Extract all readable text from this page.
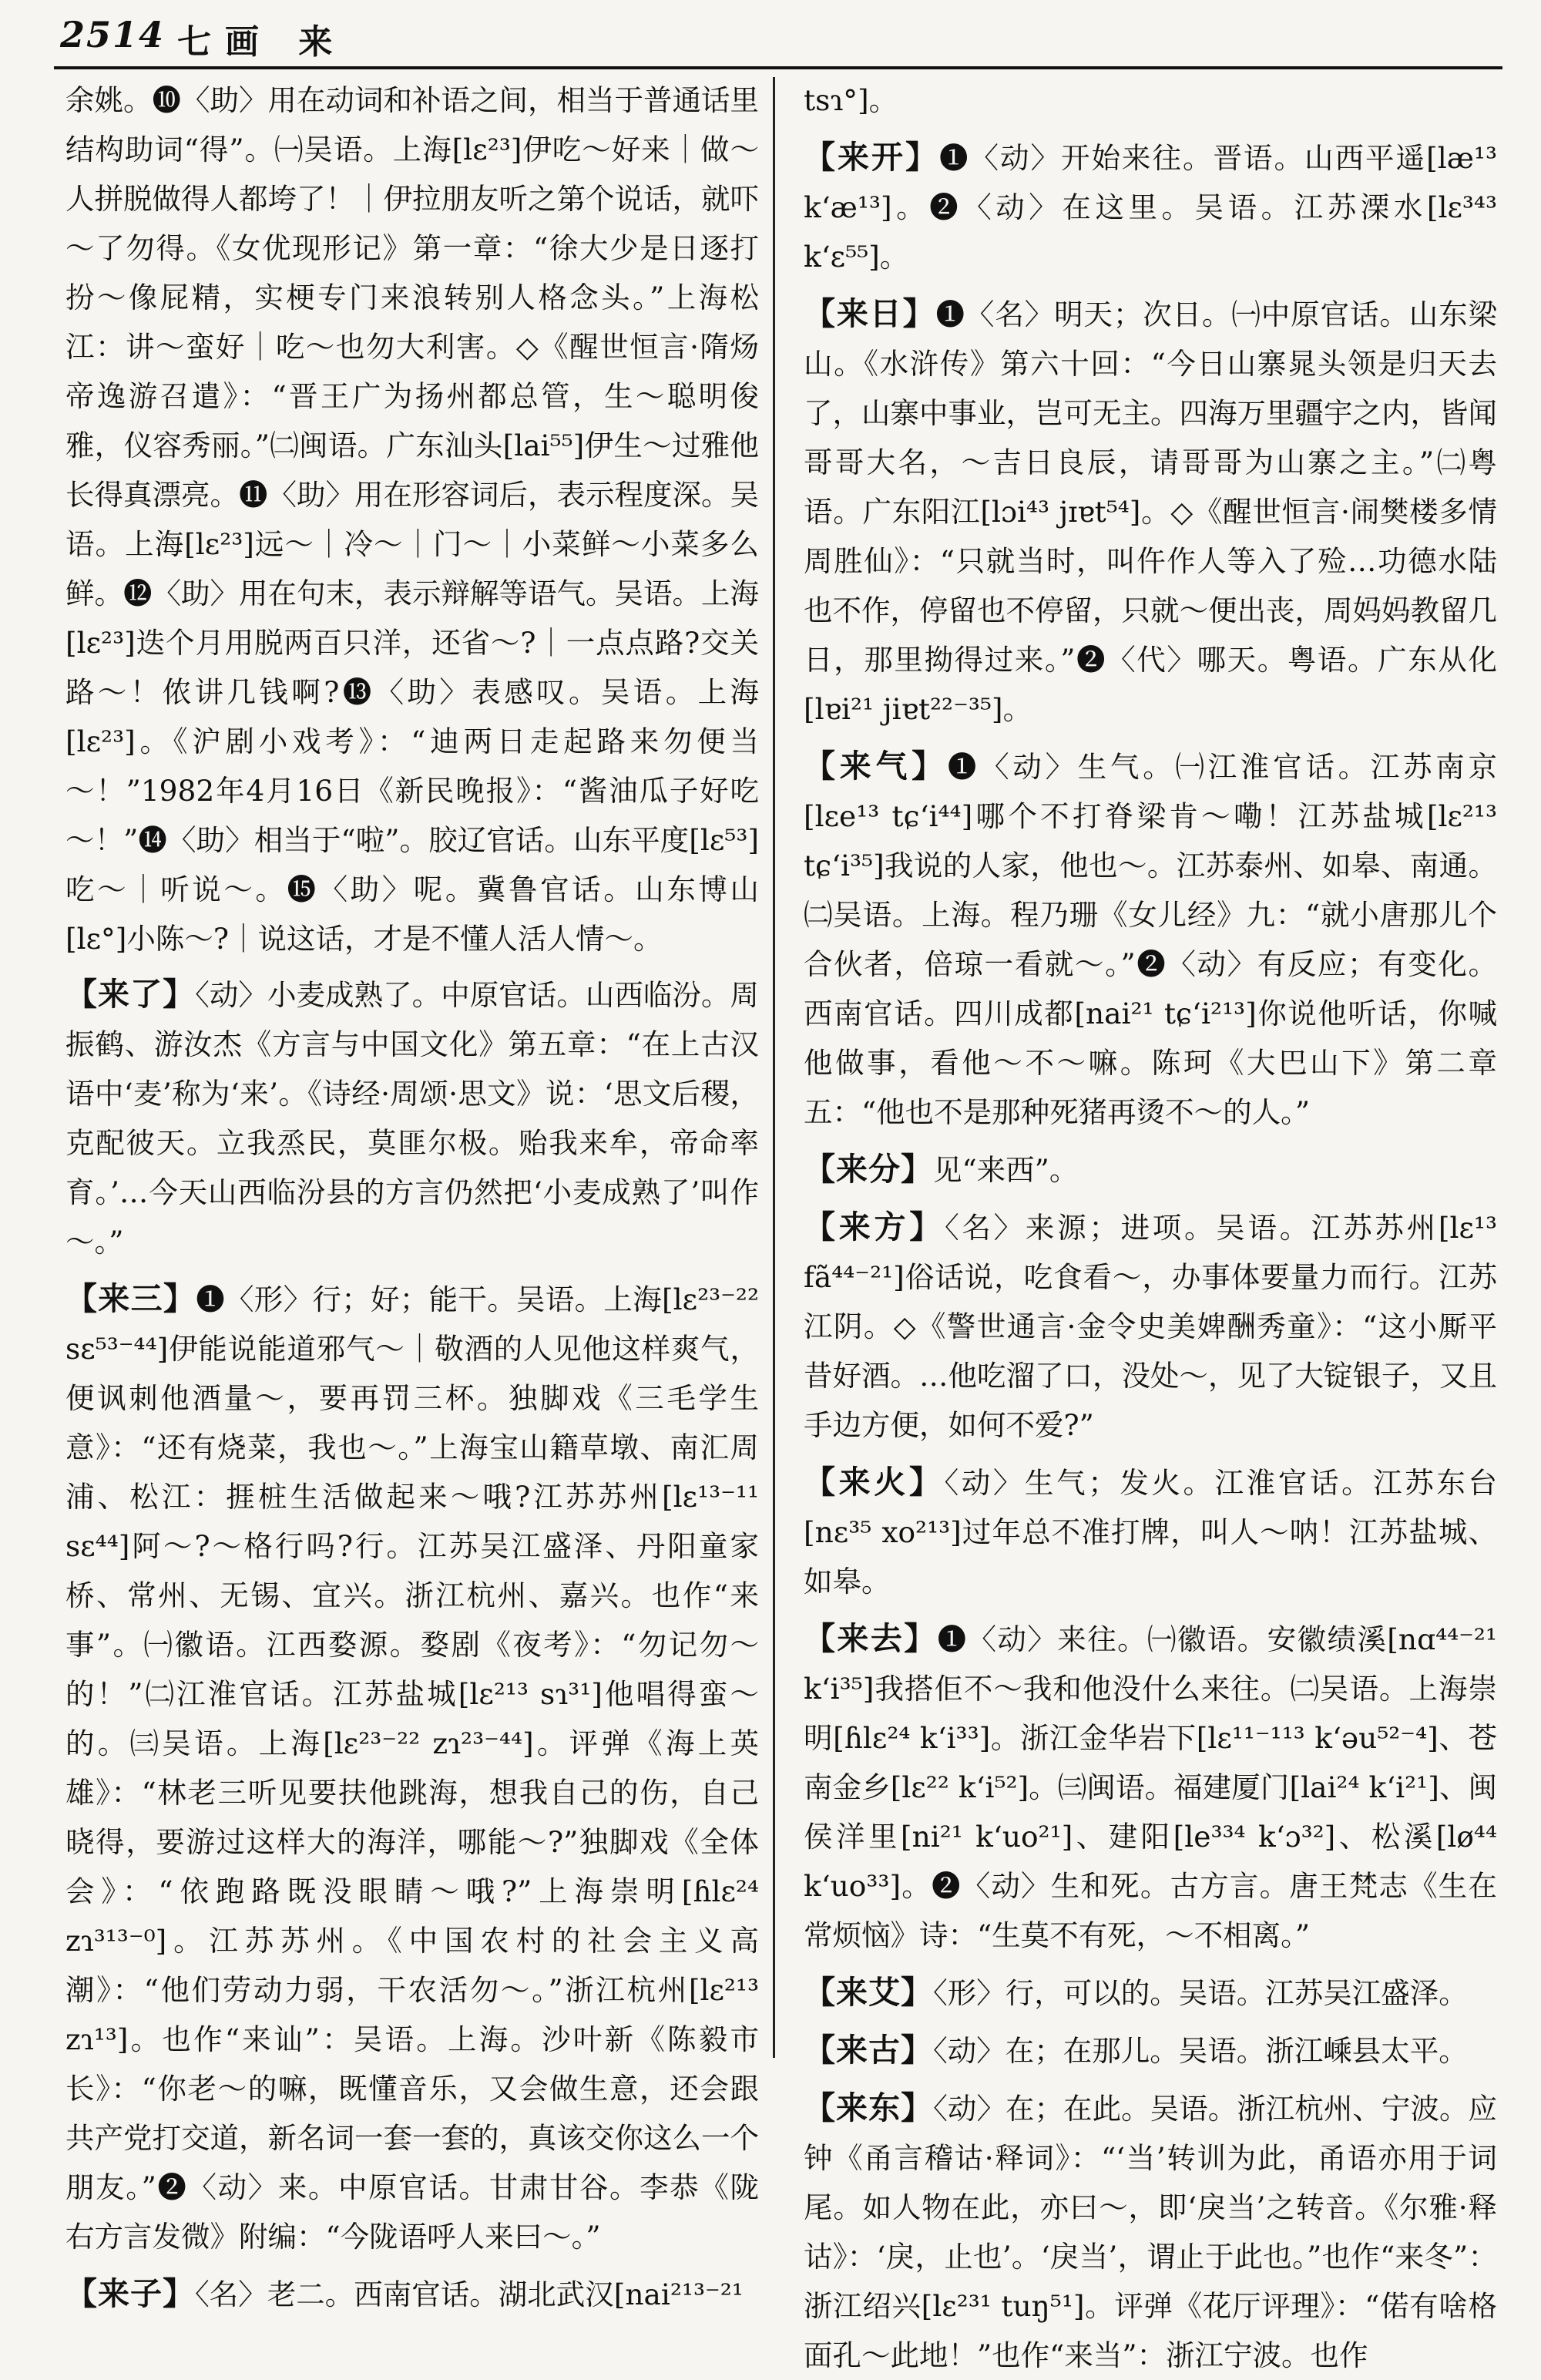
2514 七画 来
余姚。❿〈助〉用在动词和补语之间，相当于普通话里结构助词“得”。㈠吴语。上海[lɛ²³]伊吃～好来｜做～人拼脱做得人都垮了！｜伊拉朋友听之第个说话，就吓～了勿得。《女优现形记》第一章：“徐大少是日逐打扮～像屁精，实梗专门来浪转别人格念头。”上海松江：讲～蛮好｜吃～也勿大利害。◇《醒世恒言·隋炀帝逸游召遣》：“晋王广为扬州都总管，生～聪明俊雅，仪容秀丽。”㈡闽语。广东汕头[lai⁵⁵]伊生～过雅他长得真漂亮。⓫〈助〉用在形容词后，表示程度深。吴语。上海[lɛ²³]远～｜冷～｜门～｜小菜鲜～小菜多么鲜。⓬〈助〉用在句末，表示辩解等语气。吴语。上海[lɛ²³]迭个月用脱两百只洋，还省～?｜一点点路?交关路～！侬讲几钱啊?⓭〈助〉表感叹。吴语。上海[lɛ²³]。《沪剧小戏考》：“迪两日走起路来勿便当～！”1982年4月16日《新民晚报》：“酱油瓜子好吃～！”⓮〈助〉相当于“啦”。胶辽官话。山东平度[lɛ⁵³]吃～｜听说～。⓯〈助〉呢。冀鲁官话。山东博山[lɛ°]小陈～?｜说这话，才是不懂人活人情～。
【来了】〈动〉小麦成熟了。中原官话。山西临汾。周振鹤、游汝杰《方言与中国文化》第五章：“在上古汉语中‘麦’称为‘来’。《诗经·周颂·思文》说：‘思文后稷，克配彼天。立我烝民，莫匪尔极。贻我来牟，帝命率育。’…今天山西临汾县的方言仍然把‘小麦成熟了’叫作～。”
【来三】❶〈形〉行；好；能干。吴语。上海[lɛ²³⁻²² sɛ⁵³⁻⁴⁴]伊能说能道邪气～｜敬酒的人见他这样爽气，便讽刺他酒量～，要再罚三杯。独脚戏《三毛学生意》：“还有烧菜，我也～。”上海宝山籍草墩、南汇周浦、松江：捱桩生活做起来～哦?江苏苏州[lɛ¹³⁻¹¹ sɛ⁴⁴]阿～?～格行吗?行。江苏吴江盛泽、丹阳童家桥、常州、无锡、宜兴。浙江杭州、嘉兴。也作“来事”。㈠徽语。江西婺源。婺剧《夜考》：“勿记勿～的！”㈡江淮官话。江苏盐城[lɛ²¹³ sɿ³¹]他唱得蛮～的。㈢吴语。上海[lɛ²³⁻²² zɿ²³⁻⁴⁴]。评弹《海上英雄》：“林老三听见要扶他跳海，想我自己的伤，自己晓得，要游过这样大的海洋，哪能～?”独脚戏《全体会》：“依跑路既没眼睛～哦?”上海崇明[ɦlɛ²⁴ zɿ³¹³⁻⁰]。江苏苏州。《中国农村的社会主义高潮》：“他们劳动力弱，干农活勿～。”浙江杭州[lɛ²¹³ zɿ¹³]。也作“来讪”：吴语。上海。沙叶新《陈毅市长》：“你老～的嘛，既懂音乐，又会做生意，还会跟共产党打交道，新名词一套一套的，真该交你这么一个朋友。”❷〈动〉来。中原官话。甘肃甘谷。李恭《陇右方言发微》附编：“今陇语呼人来曰～。”
【来子】〈名〉老二。西南官话。湖北武汉[nai²¹³⁻²¹
tsɿ°]。
【来开】❶〈动〉开始来往。晋语。山西平遥[læ¹³ kʻæ¹³]。❷〈动〉在这里。吴语。江苏溧水[lɛ³⁴³ kʻɛ⁵⁵]。
【来日】❶〈名〉明天；次日。㈠中原官话。山东梁山。《水浒传》第六十回：“今日山寨晁头领是归天去了，山寨中事业，岂可无主。四海万里疆宇之内，皆闻哥哥大名，～吉日良辰，请哥哥为山寨之主。”㈡粤语。广东阳江[lɔi⁴³ jɪɐt⁵⁴]。◇《醒世恒言·闹樊楼多情周胜仙》：“只就当时，叫仵作人等入了殓…功德水陆也不作，停留也不停留，只就～便出丧，周妈妈教留几日，那里拗得过来。”❷〈代〉哪天。粤语。广东从化[lɐi²¹ jiɐt²²⁻³⁵]。
【来气】❶〈动〉生气。㈠江淮官话。江苏南京[lɛe¹³ tɕʻi⁴⁴]哪个不打脊梁肯～嘞！江苏盐城[lɛ²¹³ tɕʻi³⁵]我说的人家，他也～。江苏泰州、如皋、南通。㈡吴语。上海。程乃珊《女儿经》九：“就小唐那儿个合伙者，倍琼一看就～。”❷〈动〉有反应；有变化。西南官话。四川成都[nai²¹ tɕʻi²¹³]你说他听话，你喊他做事，看他～不～嘛。陈珂《大巴山下》第二章五：“他也不是那种死猪再烫不～的人。”
【来分】见“来西”。
【来方】〈名〉来源；进项。吴语。江苏苏州[lɛ¹³ fã⁴⁴⁻²¹]俗话说，吃食看～，办事体要量力而行。江苏江阴。◇《警世通言·金令史美婢酬秀童》：“这小厮平昔好酒。…他吃溜了口，没处～，见了大锭银子，又且手边方便，如何不爱?”
【来火】〈动〉生气；发火。江淮官话。江苏东台[nɛ³⁵ xo²¹³]过年总不准打牌，叫人～呐！江苏盐城、如皋。
【来去】❶〈动〉来往。㈠徽语。安徽绩溪[nɑ⁴⁴⁻²¹ kʻi³⁵]我搭佢不～我和他没什么来往。㈡吴语。上海崇明[ɦlɛ²⁴ kʻi³³]。浙江金华岩下[lɛ¹¹⁻¹¹³ kʻəu⁵²⁻⁴]、苍南金乡[lɛ²² kʻi⁵²]。㈢闽语。福建厦门[lai²⁴ kʻi²¹]、闽侯洋里[ni²¹ kʻuo²¹]、建阳[le³³⁴ kʻɔ³²]、松溪[lø⁴⁴ kʻuo³³]。❷〈动〉生和死。古方言。唐王梵志《生在常烦恼》诗：“生莫不有死，～不相离。”
【来艾】〈形〉行，可以的。吴语。江苏吴江盛泽。
【来古】〈动〉在；在那儿。吴语。浙江嵊县太平。
【来东】〈动〉在；在此。吴语。浙江杭州、宁波。应钟《甬言稽诂·释词》：“‘当’转训为此，甬语亦用于词尾。如人物在此，亦曰～，即‘戾当’之转音。《尔雅·释诂》：‘戾，止也’。‘戾当’，谓止于此也。”也作“来冬”：浙江绍兴[lɛ²³¹ tuŋ⁵¹]。评弹《花厅评理》：“偌有啥格面孔～此地！”也作“来当”：浙江宁波。也作
